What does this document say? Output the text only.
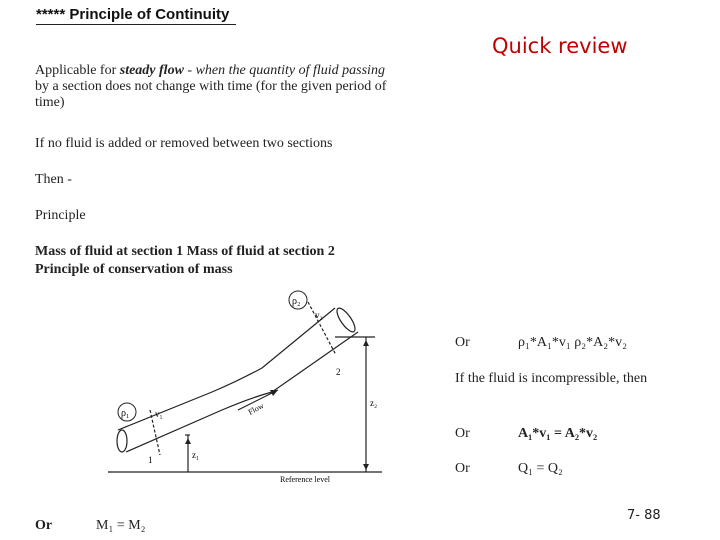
***** Principle of Continuity
Quick review
Applicable for steady flow - when the quantity of fluid passing
by a section does not change with time (for the given period of
time)
If no fluid is added or removed between two sections
Then -
Principle
Mass of fluid at section 1 Mass of fluid at section 2
Principle of conservation of mass
ρ₁
ρ₂
v₁
v₂
1
2
z₁
z₂
Flow
Reference level
Or	ρ₁*A₁*v₁ ρ₂*A₂*v₂
If the fluid is incompressible, then
Or	A₁*v₁ = A₂*v₂
Or	Q₁ = Q₂
Or	M₁ = M₂
7- 88
